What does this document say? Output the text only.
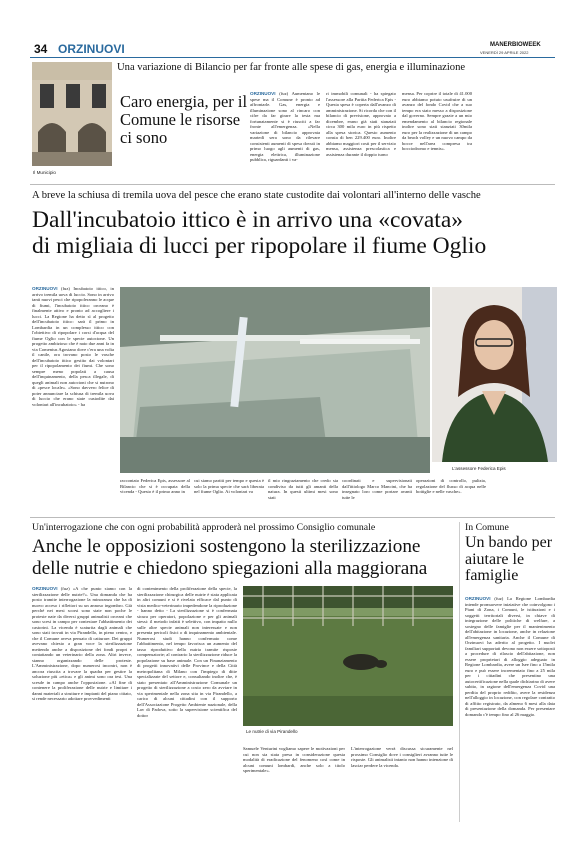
34 ORZINUOVI	MANERBIOWEEK
VENERDÌ 29 APRILE 2022
Una variazione di Bilancio per far fronte alle spese di gas, energia e illuminazione
Il Municipio
Caro energia, per il Comune le risorse ci sono
ORZINUOVI (fuz) Aumentano le spese ma il Comune è pronto ad affrontarle. Gas, energia e illuminazione sono al rincaro con cifre da far girare la testa ma fortunatamente si è riusciti a far fronte all'emergenza. «Nella variazione di bilancio approvata martedì sera sono da rilevare consistenti aumenti di spesa dovuti in primo luogo agli aumenti di gas, energia elettrica, illuminazione pubblica, riguardanti i va-
ri immobili comunali - ha spiegato l'assessore alla Partita Federica Epis - Questa spesa è coperta dall'avanzo di amministrazione. Si ricorda che con il bilancio di previsione, approvato a dicembre, erano già stati stanziati circa 300 mila euro in più rispetto alla spesa storica. Questo aumento consta di ben 229.400 euro. Inoltre abbiamo maggiori costi per il servizio mensa, assistenza prescolastica e assistenza durante il doppio turno
mensa. Per coprire il totale di 41.000 euro abbiamo potuto usufruire di un avanzo del fondo Covid che a suo tempo era stato messo a disposizione dal governo. Sempre grazie a un mio emendamento al bilancio regionale inoltre sono stati stanziati 30mila euro per la realizzazione di un campo da beach volley e un nuovo campo da bocce nell'area compresa tra bocciodromo e tennis».
A breve la schiusa di tremila uova del pesce che erano state custodite dai volontari all'interno delle vasche
Dall'incubatoio ittico è in arrivo una «covata»
di migliaia di lucci per ripopolare il fiume Oglio
ORZINUOVI (fuz) Incubatoio ittico, in arrivo tremila uova di luccio. Sono in arrivo tanti nuovi pesci che ripopoleranno le acque di fiumi, l'incubatoio ittico orceano è finalmente attivo e pronto ad accogliere i lucci. La Regione ha detto sì al progetto dell'incubatoio ittico: sarà il primo in Lombardia in un complesso ittico con l'obiettivo di ripopolare i corsi d'acqua del fiume Oglio con le specie autoctone. Un progetto ambizioso che è nato due anni fa in via Comenius Agostano dove c'era una volta il canile, ora trovano posto le vasche dell'incubatoio ittico gestito dai volontari per il ripopolamento dei fiumi. Che sono sempre meno popolati a causa dell'inquinamento, della pesca illegale, di quegli animali non autoctoni che si nutrono di «pesce locale». «Sono davvero felice di poter annunciare la schiusa di tremila uova di luccio che erano state custodite dai volontari all'incubatoio» - ha
L'assessore Federica Epis
raccontato Federica Epis, assessore al Bilancio che si è occupata della vicenda - Questo è il primo anno in
cui siamo partiti per tempo e questa è solo la prima specie che sarà liberata nel fiume Oglio. Ai volontari va
il mio ringraziamento che credo sia condiviso da tutti gli amanti della natura. In questi ultimi mesi sono stati
coordinati e supervisionati dall'ittiologo Marco Mancini, che ha insegnato loro come portare avanti tutte le
operazioni di controllo, pulizia, regolazione del flusso di acqua nelle bottiglie e nelle vasche».
Un'interrogazione che con ogni probabilità approderà nel prossimo Consiglio comunale
Anche le opposizioni sostengono la sterilizzazione
delle nutrie e chiedono spiegazioni alla maggiorana
ORZINUOVI (fuz) «A che punto siamo con la sterilizzazione delle nutrie?». Una domanda che ha posto tramite interrogazione la minoranza che ha di nuovo acceso i riflettori su un annoso ingombro. Già perché nei mesi scorsi sono state non poche le proteste nate da diversi gruppi animalisti orceani che sono scesi in campo per contestare l'abbattimento dei castorini. La vicenda è scaturita dagli animali che sono stati trovati in via Pirandello, in pieno centro, e che il Comune aveva pensato di catturare. Dei gruppi avevano chiesto a gran voce la sterilizzazione mettendo anche a disposizione dei fondi propri e contattando un veterinario della zona. Altri invece, stanno organizzando delle proteste. L'Amministrazione, dopo numerosi incontri, non è ancora riuscita a trovare la quadra per gestire la soluzione più «etica» e gli animi sono ora tesi. Una scesde in campo anche l'opposizione. «Al fine di contenere la proliferazione delle nutrie e limitare i danni materiali a strutture e impianti del piano cittato, si rende necessario adottare provvedimenti
di contenimento della proliferazione della specie, la sterilizzazione chirurgica delle nutrie è stata applicata in altri comuni e si è rivelata efficace dal punto di vista medico-veterinario impedendone la riproduzione - hanno detto - La sterilizzazione si è confermata sicura per operatori, popolazione e per gli animali stessi: il metodo infatti è selettivo, con impatto nullo sulle altre specie animali non interessate e non presenta pericoli fisici o di inquinamento ambientale. Numerosi studi hanno confermato come l'abbattimento, nel tempo favorisca un aumento del tasso riproduttivo della nutria tramite risposte compensatorie; al contrario la sterilizzazione riduce la popolazione su base animale. Con un Finanziamento di progetti innovativi delle Province e della Città metropolitana di Milano con l'impiego di ditte specializzate del settore e, consultando inoltre che, è stato presentato all'Amministrazione Comunale un progetto di sterilizzazione a costo zero da avviare in via sperimentale nella zona sita in via Pirandello, a carico di alcuni cittadini con il supporto dell'Associazione Progetto Ambiente nazionale, della Lav di Padova, sotto la supervisione scientifica del dottor
Le nutrie di via Pirandello
Samuele Venturini vogliamo sapere le motivazioni per cui non sia stata presa in considerazione questa modalità di eradicazione del fenomeno così come in alcuni comuni lombardi, anche solo a titolo sperimentale».
L'interrogazione verrà discussa sicuramente nel prossimo Consiglio dove i consiglieri avranno tutte le risposte. Gli animalisti intanto non hanno intenzione di lasciar perdere la vicenda.
In Comune
Un bando per aiutare le famiglie
ORZINUOVI (fuz) La Regione Lombardia intende promuovere iniziative che coinvolgono i Piani di Zona, i Comuni, le istituzioni e i soggetti territoriali diversi, in chiave di integrazione delle politiche di welfare, a sostegno delle famiglie per il mantenimento dell'abitazione in locazione, anche in relazione all'emergenza sanitaria. Anche il Comune di Orzinuovi ha aderito al progetto. I nuclei familiari supportati devono non essere sottoposti a procedure di rilascio dell'abitazione, non essere proprietari di alloggio adeguato in Regione Lombardia, avere un Isee fino a 15mila euro e può essere incrementato fino a 25 mila per i cittadini che presentino una autocertificazione nella quale dichiarino di avere subito, in ragione dell'emergenza Covid una perdita del proprio reddito, avere la residenza nell'alloggio in locazione, con regolare contratto di affitto registrato, da almeno 6 mesi alla data di presentazione della domanda. Per presentare domanda c'è tempo fino al 26 maggio.
